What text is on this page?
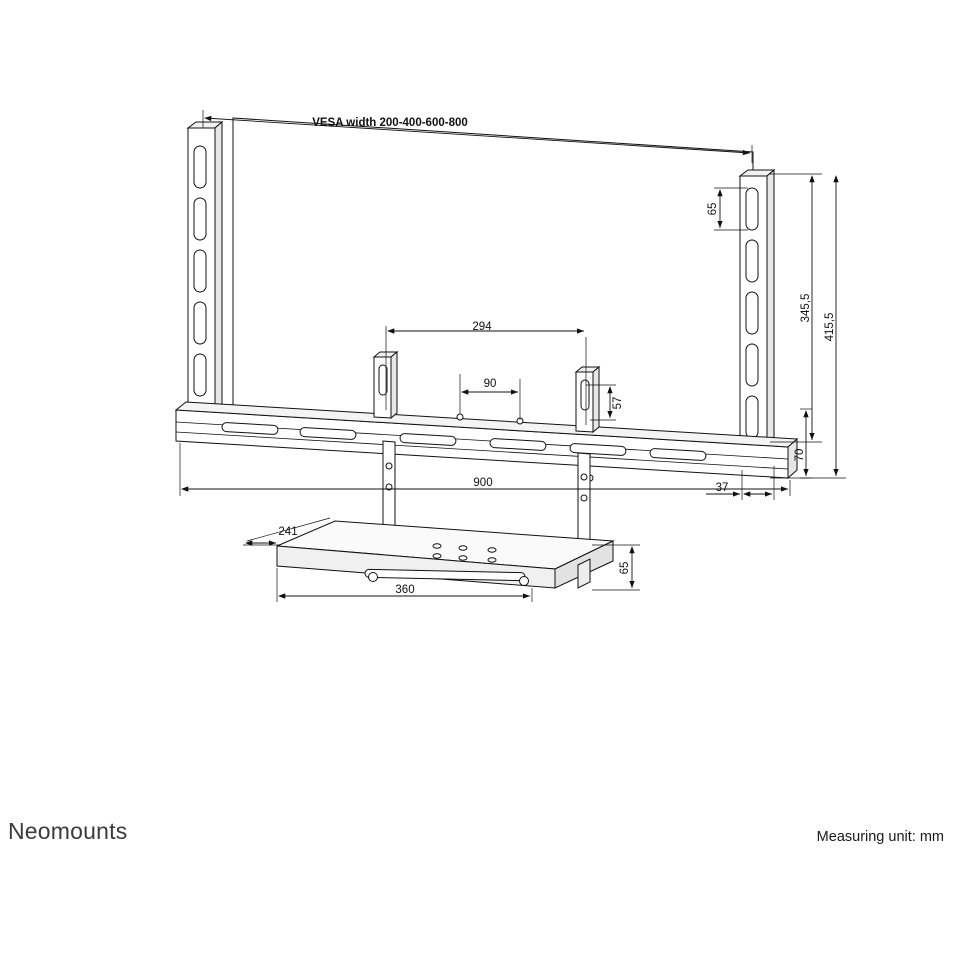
VESA width 200-400-600-800
65
345,5
415,5
70
294
90
57
900	37
241
360
65
Neomounts	Measuring unit: mm
